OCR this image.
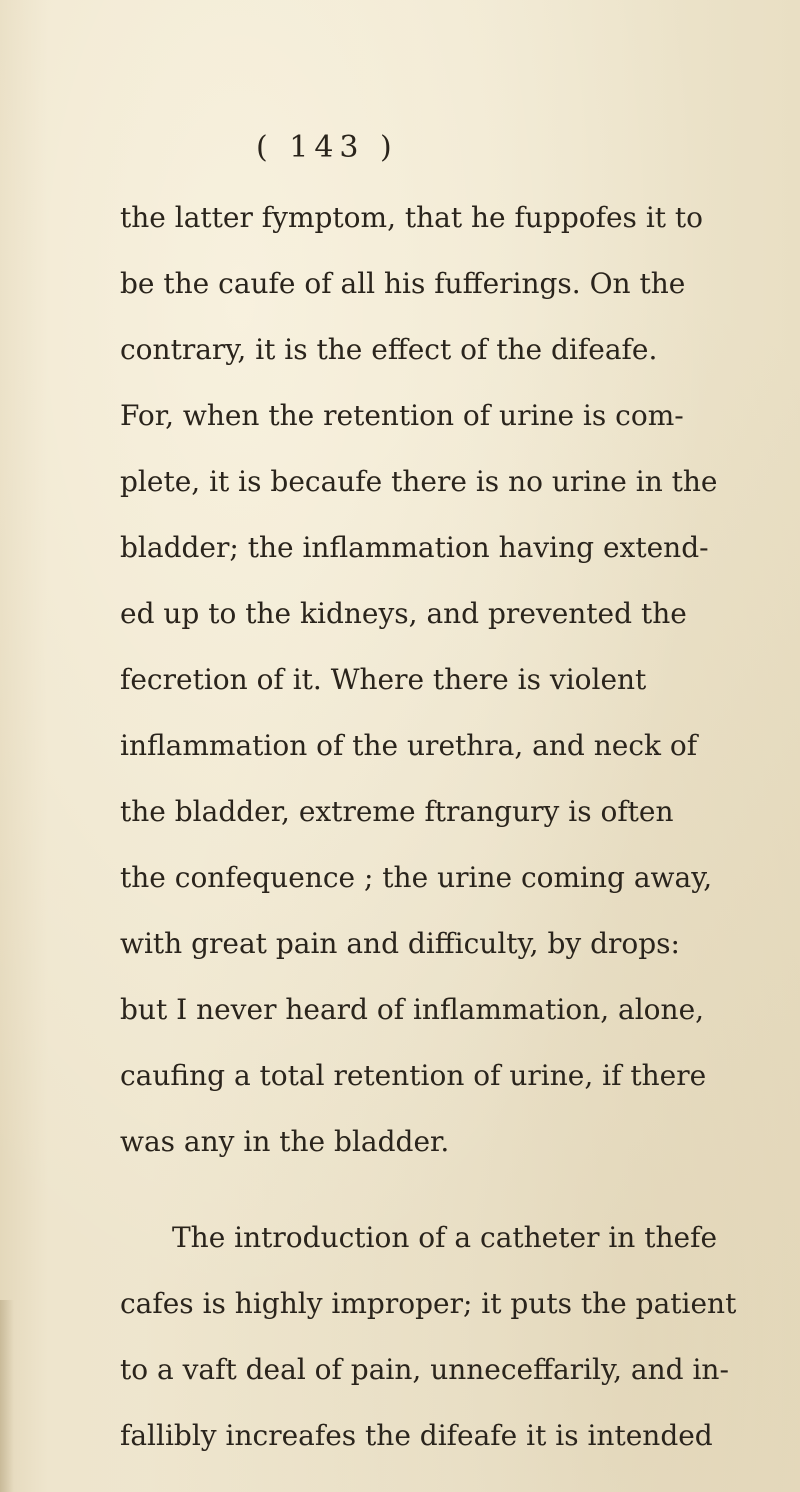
( 143 )
the latter fymptom, that he fuppofes it to
be the caufe of all his fufferings. On the
contrary, it is the effect of the difeafe.
For, when the retention of urine is com-
plete, it is becaufe there is no urine in the
bladder; the inflammation having extend-
ed up to the kidneys, and prevented the
fecretion of it. Where there is violent
inflammation of the urethra, and neck of
the bladder, extreme ftrangury is often
the confequence ; the urine coming away,
with great pain and difficulty, by drops:
but I never heard of inflammation, alone,
caufing a total retention of urine, if there
was any in the bladder.
The introduction of a catheter in thefe
cafes is highly improper; it puts the patient
to a vaft deal of pain, unneceffarily, and in-
fallibly increafes the difeafe it is intended
